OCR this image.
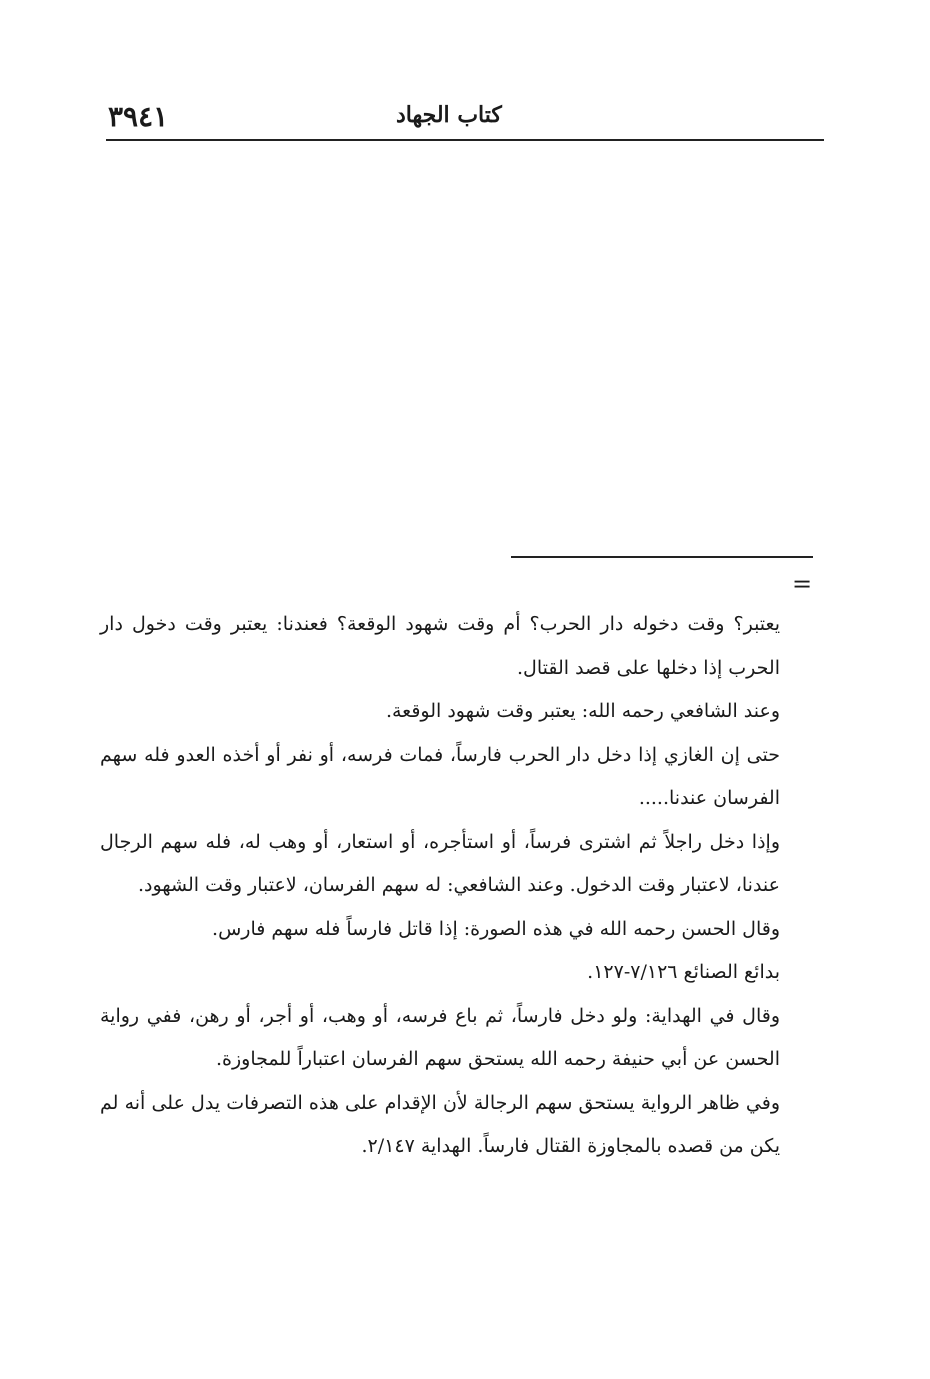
٣٩٤١	كتاب الجهاد
=

يعتبر؟ وقت دخوله دار الحرب؟ أم وقت شهود الوقعة؟ فعندنا: يعتبر وقت دخول دار الحرب إذا دخلها على قصد القتال.

وعند الشافعي رحمه الله: يعتبر وقت شهود الوقعة.

حتى إن الغازي إذا دخل دار الحرب فارساً، فمات فرسه، أو نفر أو أخذه العدو فله سهم الفرسان عندنا.....

وإذا دخل راجلاً ثم اشترى فرساً، أو استأجره، أو استعار، أو وهب له، فله سهم الرجال عندنا، لاعتبار وقت الدخول. وعند الشافعي: له سهم الفرسان، لاعتبار وقت الشهود.

وقال الحسن رحمه الله في هذه الصورة: إذا قاتل فارساً فله سهم فارس.

بدائع الصنائع ٧/١٢٦-١٢٧.

وقال في الهداية: ولو دخل فارساً، ثم باع فرسه، أو وهب، أو أجر، أو رهن، ففي رواية الحسن عن أبي حنيفة رحمه الله يستحق سهم الفرسان اعتباراً للمجاوزة.

وفي ظاهر الرواية يستحق سهم الرجالة لأن الإقدام على هذه التصرفات يدل على أنه لم يكن من قصده بالمجاوزة القتال فارساً. الهداية ٢/١٤٧.
